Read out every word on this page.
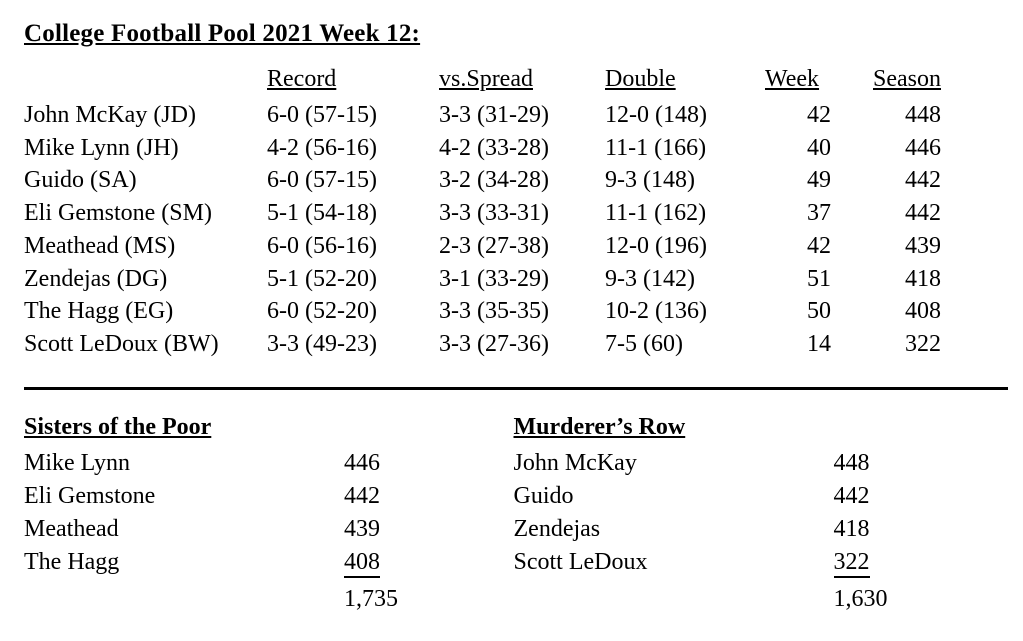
College Football Pool 2021 Week 12:
	Record	vs.Spread	Double	Week	Season
John McKay (JD)	6-0 (57-15)	3-3 (31-29)	12-0 (148)	42	448
Mike Lynn (JH)	4-2 (56-16)	4-2 (33-28)	11-1 (166)	40	446
Guido (SA)	6-0 (57-15)	3-2 (34-28)	9-3 (148)	49	442
Eli Gemstone (SM)	5-1 (54-18)	3-3 (33-31)	11-1 (162)	37	442
Meathead (MS)	6-0 (56-16)	2-3 (27-38)	12-0 (196)	42	439
Zendejas (DG)	5-1 (52-20)	3-1 (33-29)	9-3 (142)	51	418
The Hagg (EG)	6-0 (52-20)	3-3 (35-35)	10-2 (136)	50	408
Scott LeDoux (BW)	3-3 (49-23)	3-3 (27-36)	7-5 (60)	14	322
Sisters of the Poor
Mike Lynn	446
Eli Gemstone	442
Meathead	439
The Hagg	408
	1,735
Murderer’s Row
John McKay	448
Guido	442
Zendejas	418
Scott LeDoux	322
	1,630
